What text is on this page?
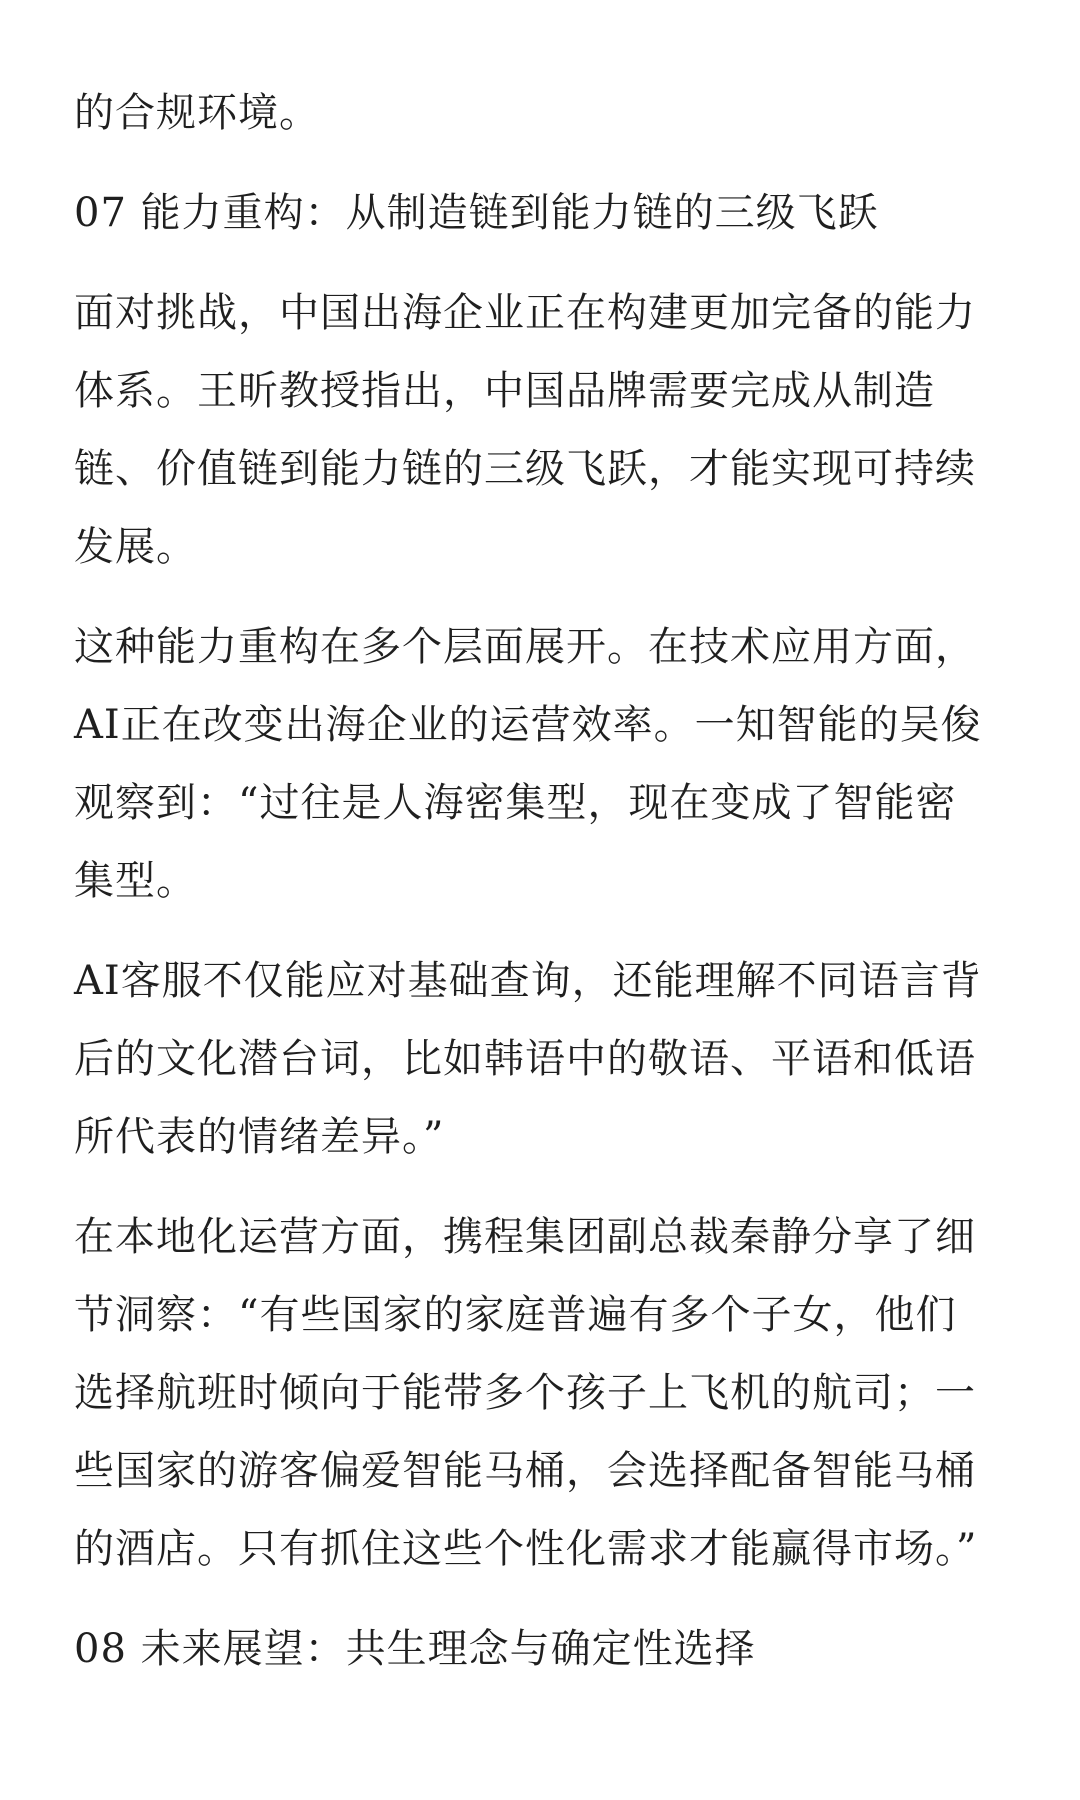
的合规环境。
07 能力重构：从制造链到能力链的三级飞跃
面对挑战，中国出海企业正在构建更加完备的能力
体系。王昕教授指出，中国品牌需要完成从制造
链、价值链到能力链的三级飞跃，才能实现可持续
发展。
这种能力重构在多个层面展开。在技术应用方面，
AI正在改变出海企业的运营效率。一知智能的吴俊
观察到：“过往是人海密集型，现在变成了智能密
集型。
AI客服不仅能应对基础查询，还能理解不同语言背
后的文化潜台词，比如韩语中的敬语、平语和低语
所代表的情绪差异。”
在本地化运营方面，携程集团副总裁秦静分享了细
节洞察：“有些国家的家庭普遍有多个子女，他们
选择航班时倾向于能带多个孩子上飞机的航司；一
些国家的游客偏爱智能马桶，会选择配备智能马桶
的酒店。只有抓住这些个性化需求才能赢得市场。”
08 未来展望：共生理念与确定性选择
